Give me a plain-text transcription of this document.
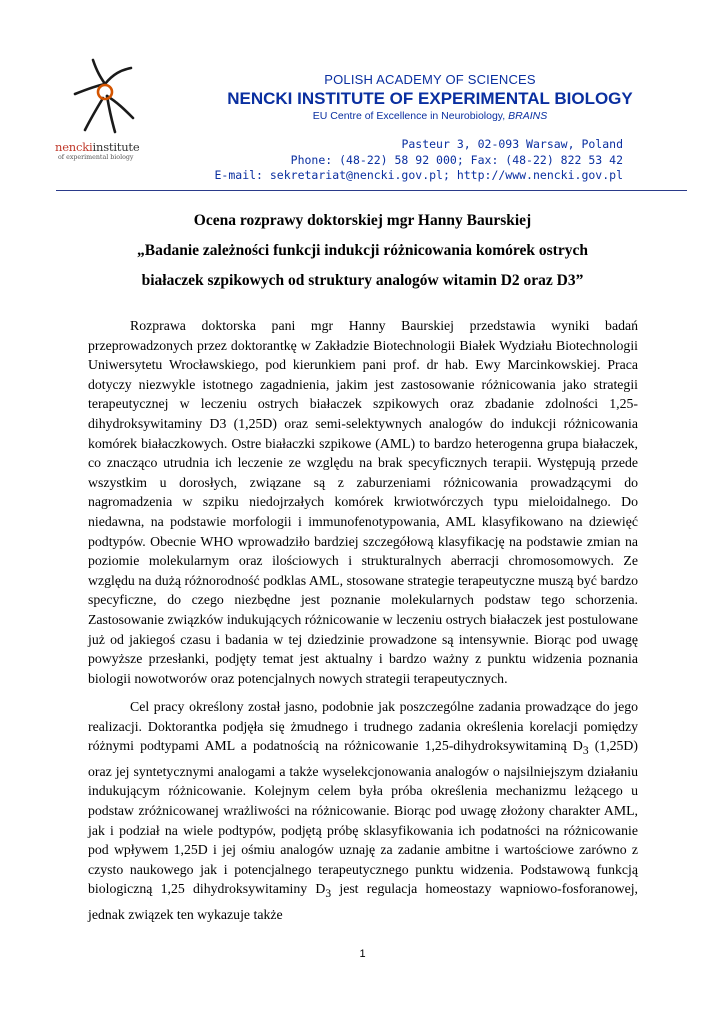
nenckiinstitute
of experimental biology
POLISH ACADEMY OF SCIENCES
NENCKI INSTITUTE OF EXPERIMENTAL BIOLOGY
EU Centre of Excellence in Neurobiology, BRAINS
Pasteur 3, 02-093 Warsaw, Poland
Phone: (48-22) 58 92 000; Fax: (48-22) 822 53 42
E-mail: sekretariat@nencki.gov.pl; http://www.nencki.gov.pl
Ocena rozprawy doktorskiej mgr Hanny Baurskiej
„Badanie zależności funkcji indukcji różnicowania komórek ostrych
białaczek szpikowych od struktury analogów witamin D2 oraz D3”

Rozprawa doktorska pani mgr Hanny Baurskiej przedstawia wyniki badań przeprowadzonych przez doktorantkę w Zakładzie Biotechnologii Białek Wydziału Biotechnologii Uniwersytetu Wrocławskiego, pod kierunkiem pani prof. dr hab. Ewy Marcinkowskiej. Praca dotyczy niezwykle istotnego zagadnienia, jakim jest zastosowanie różnicowania jako strategii terapeutycznej w leczeniu ostrych białaczek szpikowych oraz zbadanie zdolności 1,25-dihydroksywitaminy D3 (1,25D) oraz semi-selektywnych analogów do indukcji różnicowania komórek białaczkowych. Ostre białaczki szpikowe (AML) to bardzo heterogenna grupa białaczek, co znacząco utrudnia ich leczenie ze względu na brak specyficznych terapii. Występują przede wszystkim u dorosłych, związane są z zaburzeniami różnicowania prowadzącymi do nagromadzenia w szpiku niedojrzałych komórek krwiotwórczych typu mieloidalnego. Do niedawna, na podstawie morfologii i immunofenotypowania, AML klasyfikowano na dziewięć podtypów. Obecnie WHO wprowadziło bardziej szczegółową klasyfikację na podstawie zmian na poziomie molekularnym oraz ilościowych i strukturalnych aberracji chromosomowych. Ze względu na dużą różnorodność podklas AML, stosowane strategie terapeutyczne muszą być bardzo specyficzne, do czego niezbędne jest poznanie molekularnych podstaw tego schorzenia. Zastosowanie związków indukujących różnicowanie w leczeniu ostrych białaczek jest postulowane już od jakiegoś czasu i badania w tej dziedzinie prowadzone są intensywnie. Biorąc pod uwagę powyższe przesłanki, podjęty temat jest aktualny i bardzo ważny z punktu widzenia poznania biologii nowotworów oraz potencjalnych nowych strategii terapeutycznych.

Cel pracy określony został jasno, podobnie jak poszczególne zadania prowadzące do jego realizacji. Doktorantka podjęła się żmudnego i trudnego zadania określenia korelacji pomiędzy różnymi podtypami AML a podatnością na różnicowanie 1,25-dihydroksywitaminą $D_3$ (1,25D) oraz jej syntetycznymi analogami a także wyselekcjonowania analogów o najsilniejszym działaniu indukującym różnicowanie. Kolejnym celem była próba określenia mechanizmu leżącego u podstaw zróżnicowanej wrażliwości na różnicowanie. Biorąc pod uwagę złożony charakter AML, jak i podział na wiele podtypów, podjętą próbę sklasyfikowania ich podatności na różnicowanie pod wpływem 1,25D i jej ośmiu analogów uznaję za zadanie ambitne i wartościowe zarówno z czysto naukowego jak i potencjalnego terapeutycznego punktu widzenia. Podstawową funkcją biologiczną 1,25 dihydroksywitaminy $D_3$ jest regulacja homeostazy wapniowo-fosforanowej, jednak związek ten wykazuje także

1
